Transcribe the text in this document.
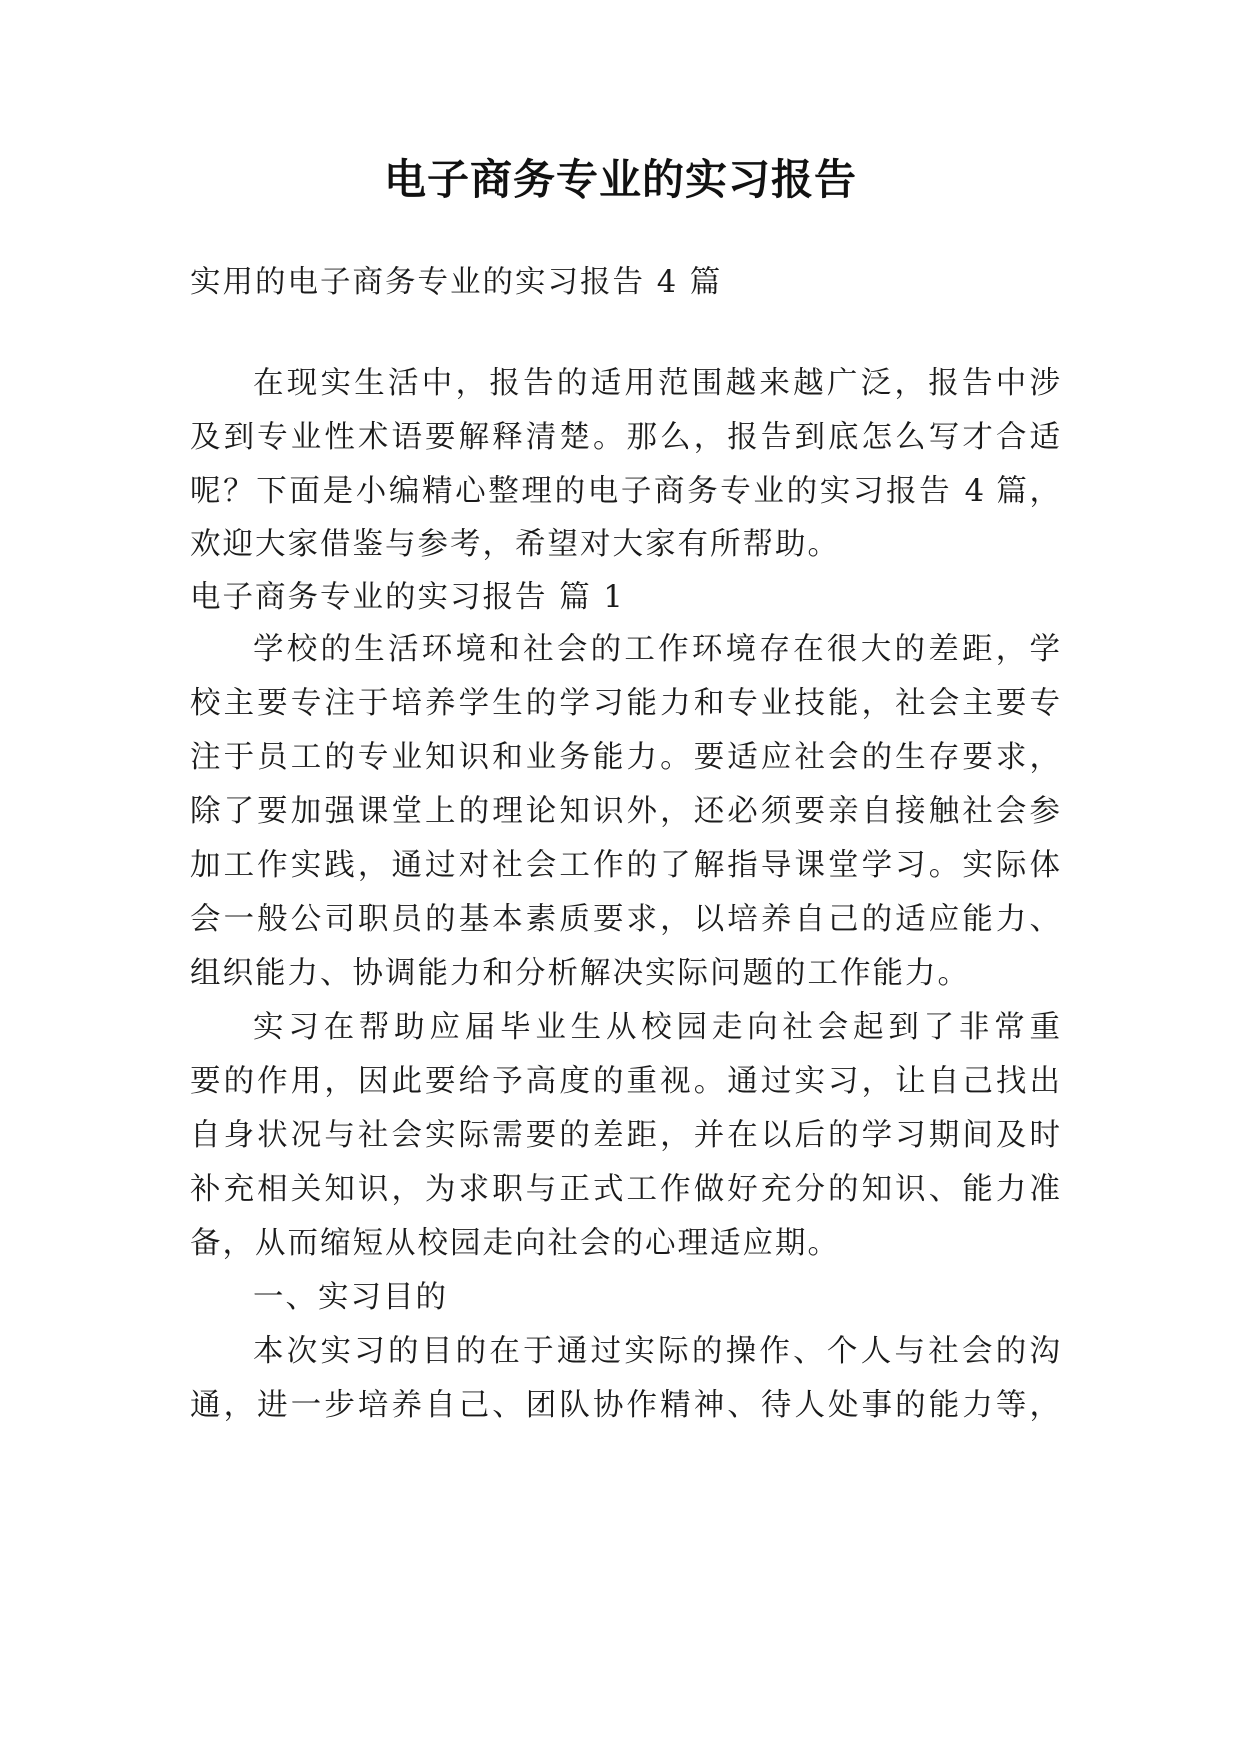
电子商务专业的实习报告
实用的电子商务专业的实习报告 4 篇
在现实生活中，报告的适用范围越来越广泛，报告中涉
及到专业性术语要解释清楚。那么，报告到底怎么写才合适
呢？下面是小编精心整理的电子商务专业的实习报告 4 篇，
欢迎大家借鉴与参考，希望对大家有所帮助。
电子商务专业的实习报告 篇 1
学校的生活环境和社会的工作环境存在很大的差距，学
校主要专注于培养学生的学习能力和专业技能，社会主要专
注于员工的专业知识和业务能力。要适应社会的生存要求，
除了要加强课堂上的理论知识外，还必须要亲自接触社会参
加工作实践，通过对社会工作的了解指导课堂学习。实际体
会一般公司职员的基本素质要求，以培养自己的适应能力、
组织能力、协调能力和分析解决实际问题的工作能力。
实习在帮助应届毕业生从校园走向社会起到了非常重
要的作用，因此要给予高度的重视。通过实习，让自己找出
自身状况与社会实际需要的差距，并在以后的学习期间及时
补充相关知识，为求职与正式工作做好充分的知识、能力准
备，从而缩短从校园走向社会的心理适应期。
一、实习目的
本次实习的目的在于通过实际的操作、个人与社会的沟
通，进一步培养自己、团队协作精神、待人处事的能力等，
